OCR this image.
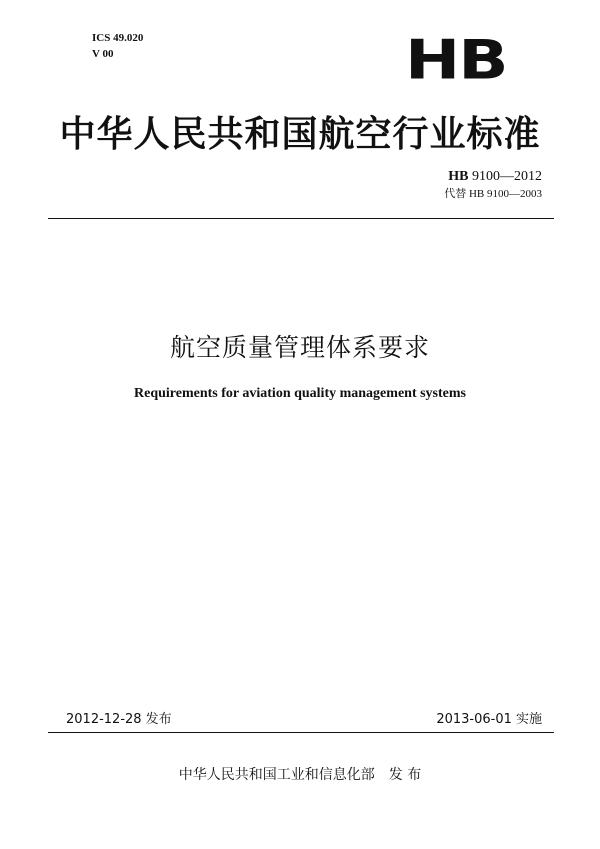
ICS 49.020
V 00	HB
中华人民共和国航空行业标准
HB 9100—2012
代替 HB 9100—2003
航空质量管理体系要求
Requirements for aviation quality management systems
2012-12-28 发布	2013-06-01 实施
中华人民共和国工业和信息化部 发 布
